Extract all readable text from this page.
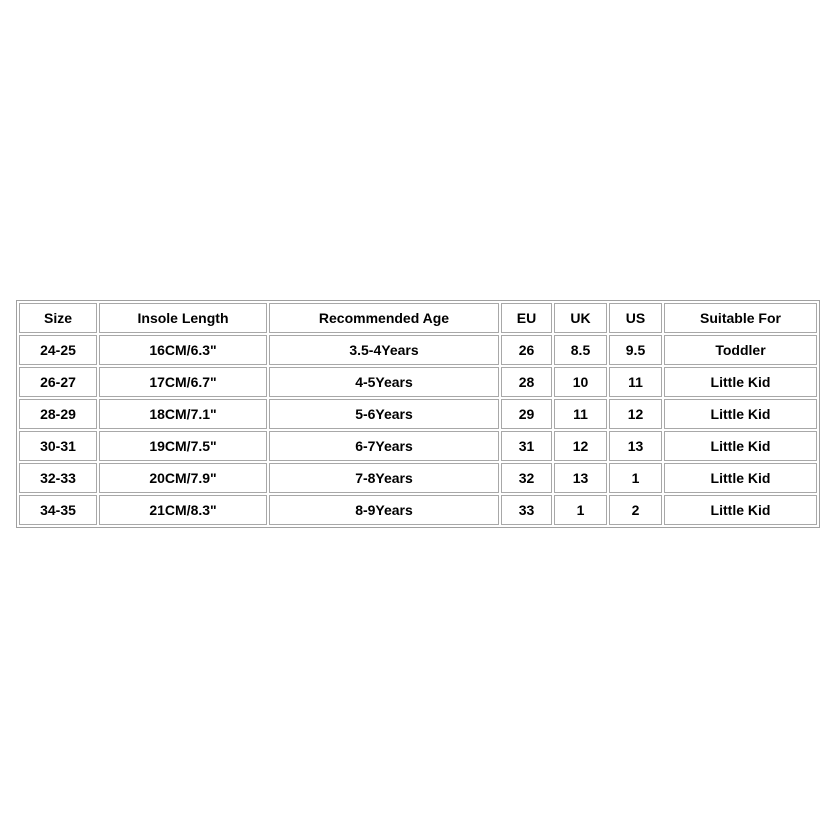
Size	Insole Length	Recommended Age	EU	UK	US	Suitable For
24-25	16CM/6.3"	3.5-4Years	26	8.5	9.5	Toddler
26-27	17CM/6.7"	4-5Years	28	10	11	Little Kid
28-29	18CM/7.1"	5-6Years	29	11	12	Little Kid
30-31	19CM/7.5"	6-7Years	31	12	13	Little Kid
32-33	20CM/7.9"	7-8Years	32	13	1	Little Kid
34-35	21CM/8.3"	8-9Years	33	1	2	Little Kid
